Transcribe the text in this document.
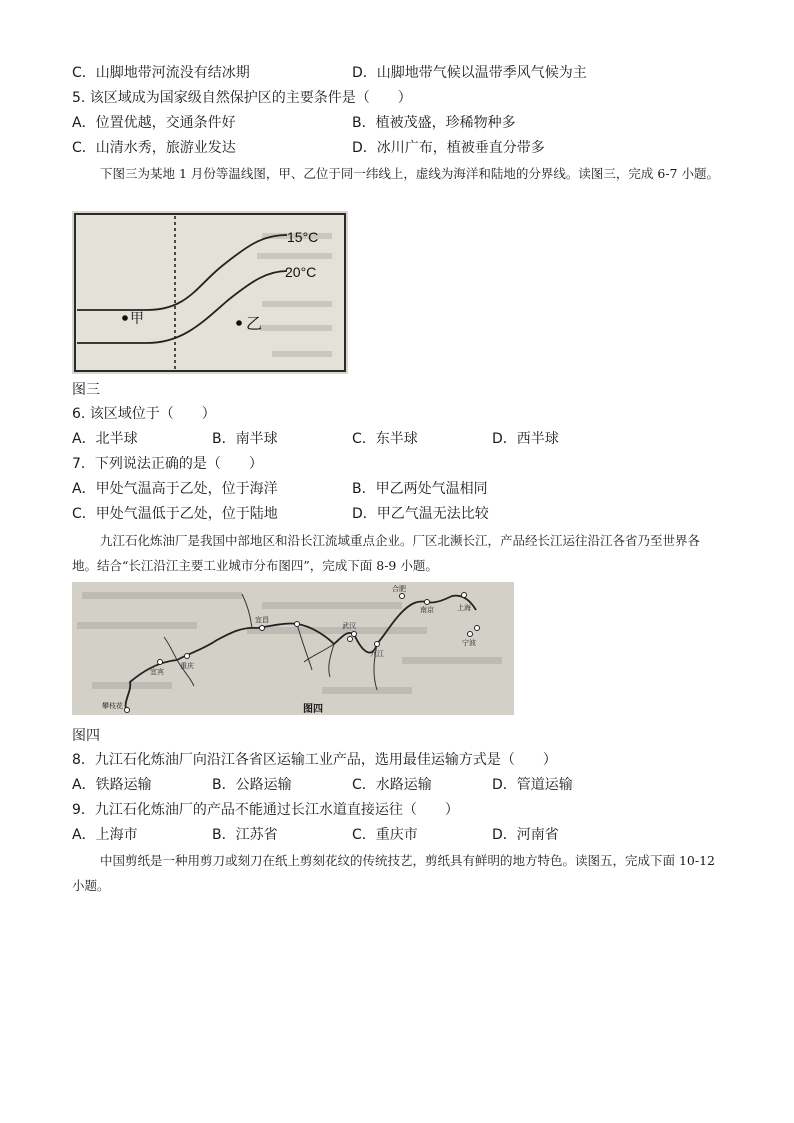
C．山脚地带河流没有结冰期	D．山脚地带气候以温带季风气候为主
5. 该区域成为国家级自然保护区的主要条件是（　　）
A．位置优越，交通条件好	B．植被茂盛，珍稀物种多
C．山清水秀，旅游业发达	D．冰川广布，植被垂直分带多
下图三为某地 1 月份等温线图，甲、乙位于同一纬线上，虚线为海洋和陆地的分界线。读图三，完成 6-7 小题。
15°C
20°C
甲	乙
图三
6. 该区域位于（　　）
A．北半球	B．南半球	C．东半球	D．西半球
7．下列说法正确的是（　　）
A．甲处气温高于乙处，位于海洋	B．甲乙两处气温相同
C．甲处气温低于乙处，位于陆地	D．甲乙气温无法比较
九江石化炼油厂是我国中部地区和沿长江流域重点企业。厂区北濒长江，产品经长江运往沿江各省乃至世界各地。结合“长江沿江主要工业城市分布图四”，完成下面 8-9 小题。
合肥
南京	上海
宁波
武汉
九江
宜昌
重庆
宜宾
攀枝花	图四
图四
8．九江石化炼油厂向沿江各省区运输工业产品，选用最佳运输方式是（　　）
A．铁路运输	B．公路运输	C．水路运输	D．管道运输
9．九江石化炼油厂的产品不能通过长江水道直接运往（　　）
A．上海市	B．江苏省	C．重庆市	D．河南省
中国剪纸是一种用剪刀或刻刀在纸上剪刻花纹的传统技艺，剪纸具有鲜明的地方特色。读图五，完成下面 10-12 小题。
